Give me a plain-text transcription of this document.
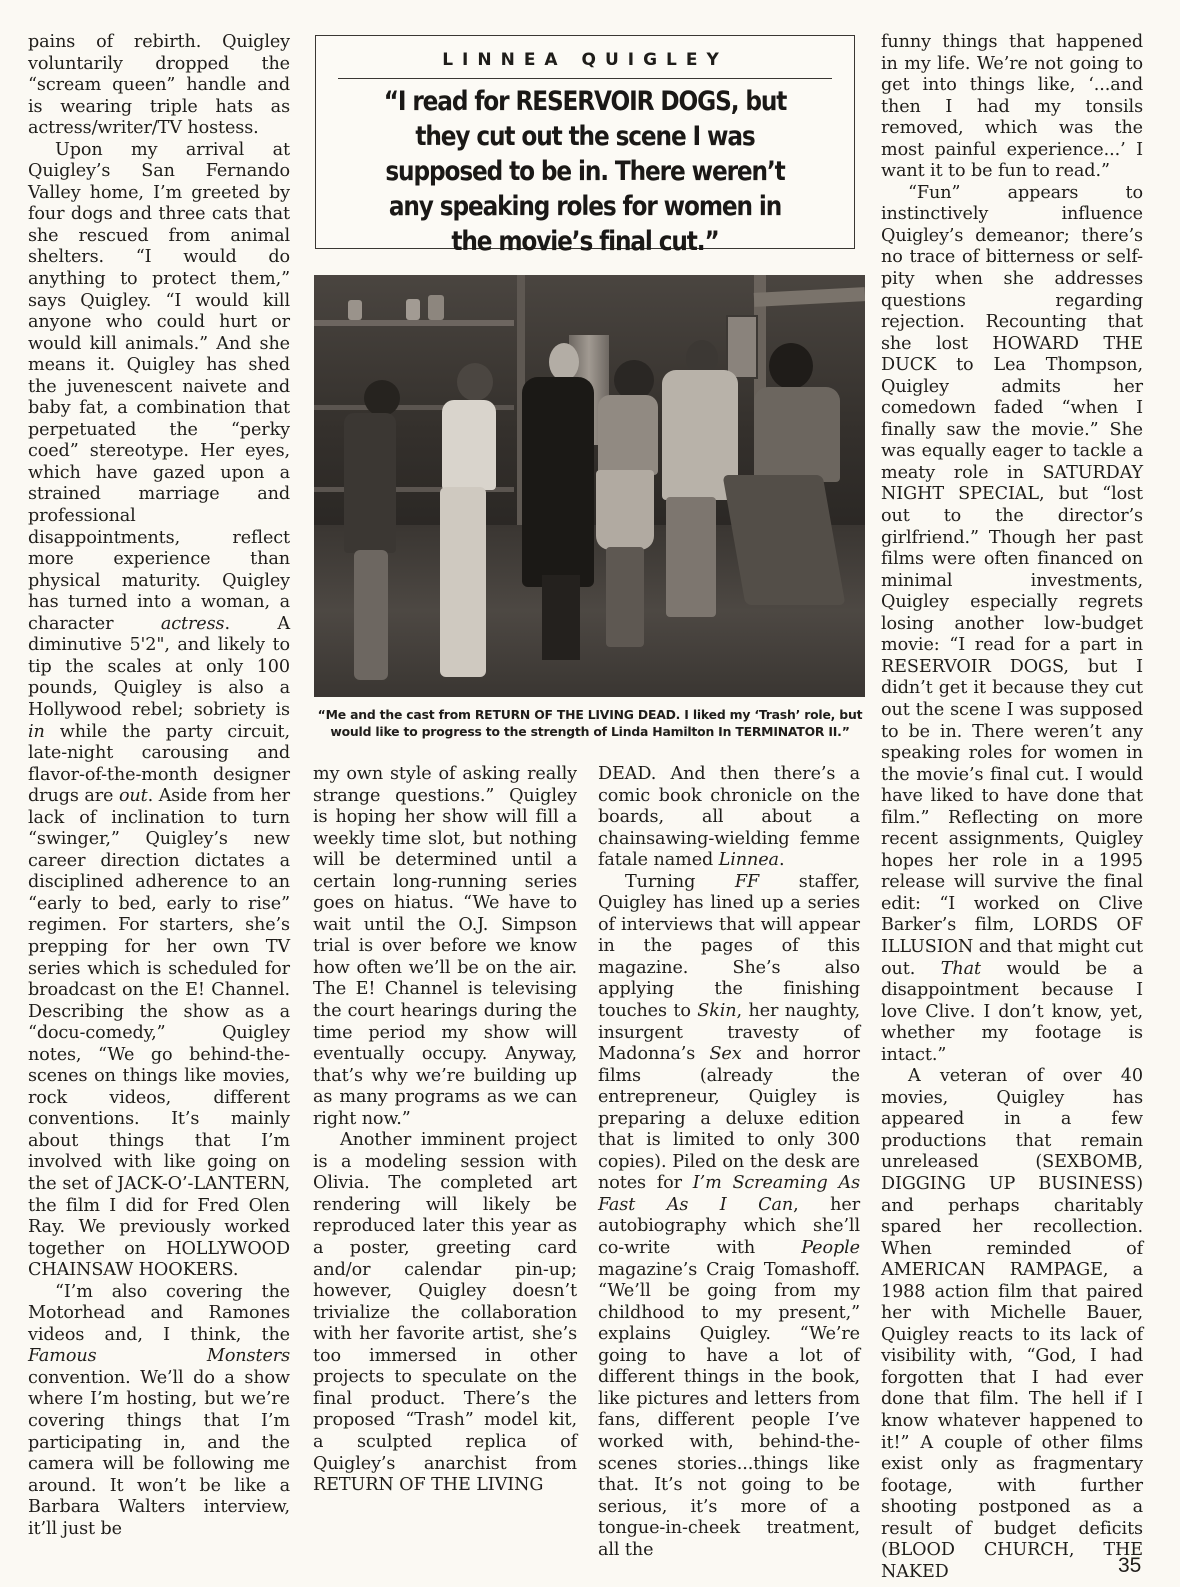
pains of rebirth. Quigley voluntarily dropped the “scream queen” handle and is wearing triple hats as actress/writer/TV hostess.

Upon my arrival at Quigley’s San Fernando Valley home, I’m greeted by four dogs and three cats that she rescued from animal shelters. “I would do anything to protect them,” says Quigley. “I would kill anyone who could hurt or would kill animals.” And she means it. Quigley has shed the juvenescent naivete and baby fat, a combination that perpetuated the “perky coed” stereotype. Her eyes, which have gazed upon a strained marriage and professional disappointments, reflect more experience than physical maturity. Quigley has turned into a woman, a character actress. A diminutive 5'2", and likely to tip the scales at only 100 pounds, Quigley is also a Hollywood rebel; sobriety is in while the party circuit, late-night carousing and flavor-of-the-month designer drugs are out. Aside from her lack of inclination to turn “swinger,” Quigley’s new career direction dictates a disciplined adherence to an “early to bed, early to rise” regimen. For starters, she’s prepping for her own TV series which is scheduled for broadcast on the E! Channel. Describing the show as a “docu-comedy,” Quigley notes, “We go behind-the-scenes on things like movies, rock videos, different conventions. It’s mainly about things that I’m involved with like going on the set of JACK-O’-LANTERN, the film I did for Fred Olen Ray. We previously worked together on HOLLYWOOD CHAINSAW HOOKERS.

“I’m also covering the Motorhead and Ramones videos and, I think, the Famous Monsters convention. We’ll do a show where I’m hosting, but we’re covering things that I’m participating in, and the camera will be following me around. It won’t be like a Barbara Walters interview, it’ll just be

LINNEA QUIGLEY
“I read for RESERVOIR DOGS, but they cut out the scene I was supposed to be in. There weren’t any speaking roles for women in the movie’s final cut.”
“Me and the cast from RETURN OF THE LIVING DEAD. I liked my ‘Trash’ role, but would like to progress to the strength of Linda Hamilton In TERMINATOR II.”

my own style of asking really strange questions.” Quigley is hoping her show will fill a weekly time slot, but nothing will be determined until a certain long-running series goes on hiatus. “We have to wait until the O.J. Simpson trial is over before we know how often we’ll be on the air. The E! Channel is televising the court hearings during the time period my show will eventually occupy. Anyway, that’s why we’re building up as many programs as we can right now.”

Another imminent project is a modeling session with Olivia. The completed art rendering will likely be reproduced later this year as a poster, greeting card and/or calendar pin-up; however, Quigley doesn’t trivialize the collaboration with her favorite artist, she’s too immersed in other projects to speculate on the final product. There’s the proposed “Trash” model kit, a sculpted replica of Quigley’s anarchist from RETURN OF THE LIVING

DEAD. And then there’s a comic book chronicle on the boards, all about a chainsawing-wielding femme fatale named Linnea.

Turning FF staffer, Quigley has lined up a series of interviews that will appear in the pages of this magazine. She’s also applying the finishing touches to Skin, her naughty, insurgent travesty of Madonna’s Sex and horror films (already the entrepreneur, Quigley is preparing a deluxe edition that is limited to only 300 copies). Piled on the desk are notes for I’m Screaming As Fast As I Can, her autobiography which she’ll co-write with People magazine’s Craig Tomashoff. “We’ll be going from my childhood to my present,” explains Quigley. “We’re going to have a lot of different things in the book, like pictures and letters from fans, different people I’ve worked with, behind-the-scenes stories...things like that. It’s not going to be serious, it’s more of a tongue-in-cheek treatment, all the

funny things that happened in my life. We’re not going to get into things like, ‘...and then I had my tonsils removed, which was the most painful experience...’ I want it to be fun to read.”

“Fun” appears to instinctively influence Quigley’s demeanor; there’s no trace of bitterness or self-pity when she addresses questions regarding rejection. Recounting that she lost HOWARD THE DUCK to Lea Thompson, Quigley admits her comedown faded “when I finally saw the movie.” She was equally eager to tackle a meaty role in SATURDAY NIGHT SPECIAL, but “lost out to the director’s girlfriend.” Though her past films were often financed on minimal investments, Quigley especially regrets losing another low-budget movie: “I read for a part in RESERVOIR DOGS, but I didn’t get it because they cut out the scene I was supposed to be in. There weren’t any speaking roles for women in the movie’s final cut. I would have liked to have done that film.” Reflecting on more recent assignments, Quigley hopes her role in a 1995 release will survive the final edit: “I worked on Clive Barker’s film, LORDS OF ILLUSION and that might cut out. That would be a disappointment because I love Clive. I don’t know, yet, whether my footage is intact.”

A veteran of over 40 movies, Quigley has appeared in a few productions that remain unreleased (SEXBOMB, DIGGING UP BUSINESS) and perhaps charitably spared her recollection. When reminded of AMERICAN RAMPAGE, a 1988 action film that paired her with Michelle Bauer, Quigley reacts to its lack of visibility with, “God, I had forgotten that I had ever done that film. The hell if I know whatever happened to it!” A couple of other films exist only as fragmentary footage, with further shooting postponed as a result of budget deficits (BLOOD CHURCH, THE NAKED	35
